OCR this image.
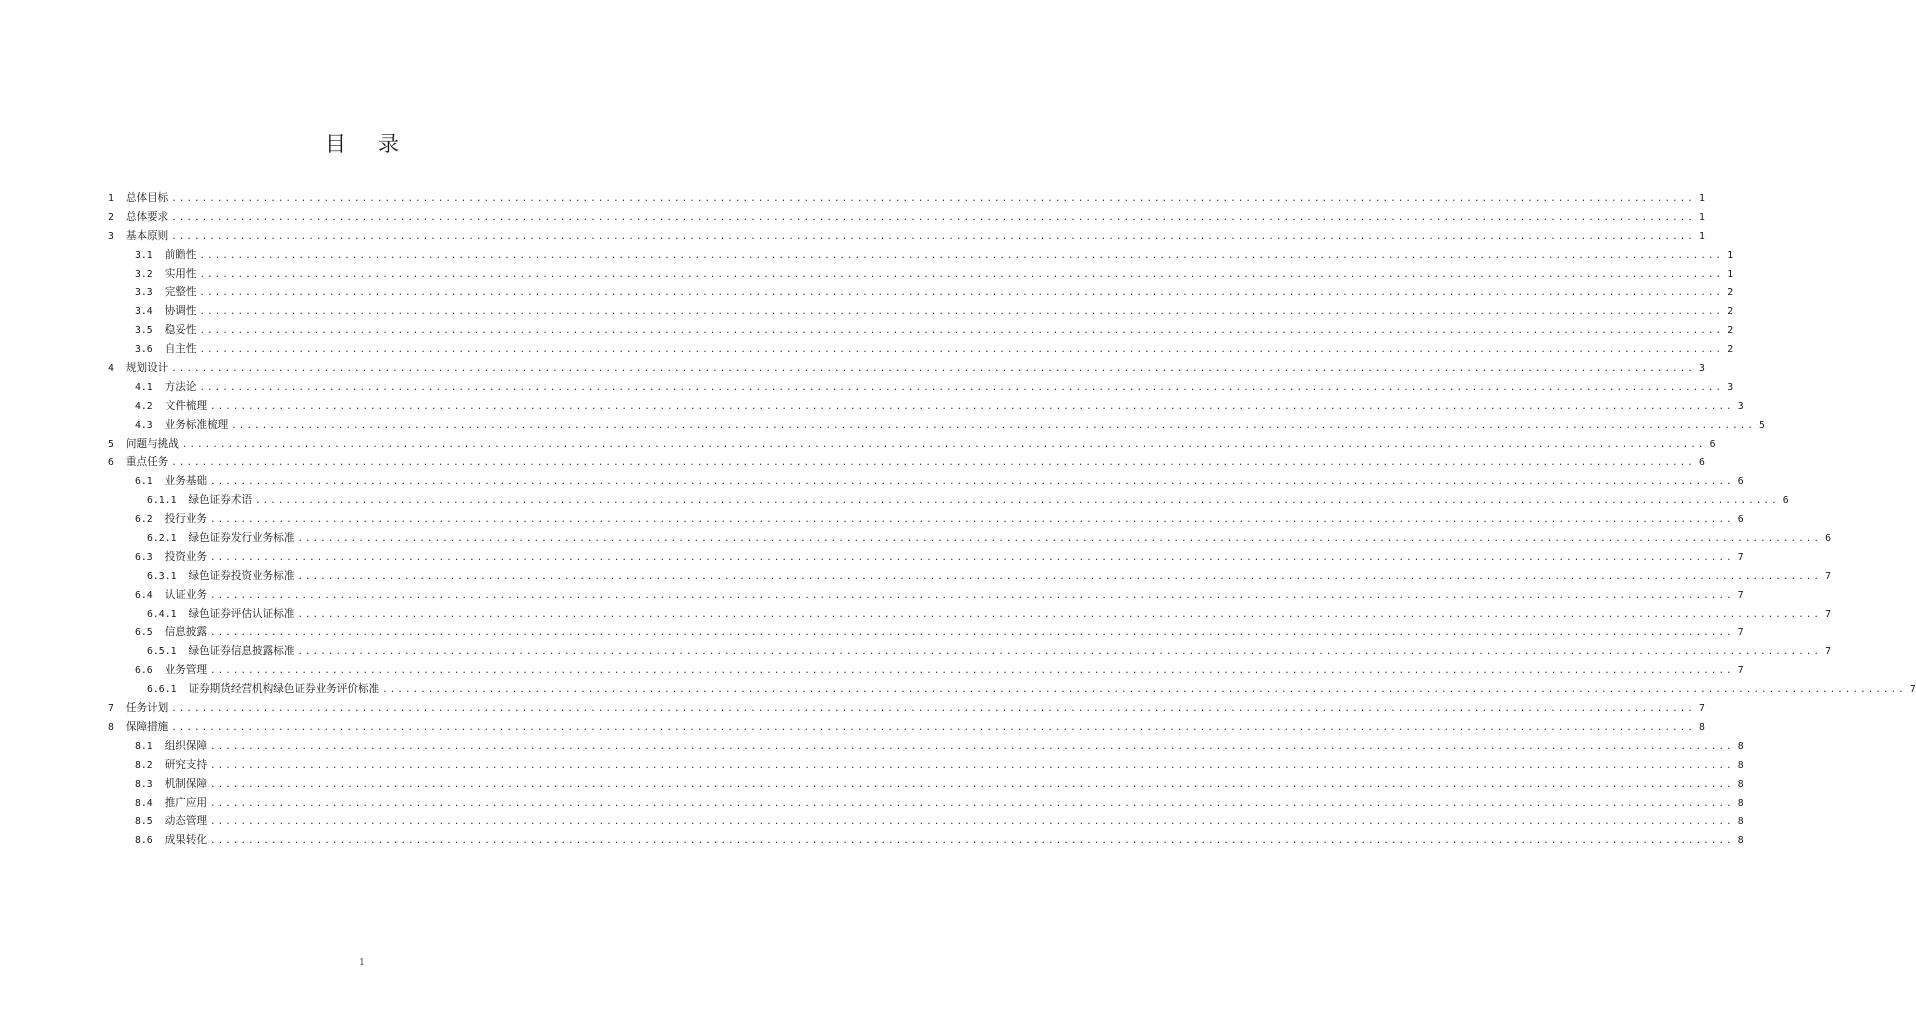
目 录
1 总体目标 ........................................................................................................................................................................................................ 1
2 总体要求 ........................................................................................................................................................................................................ 1
3 基本原则 ........................................................................................................................................................................................................ 1
3.1 前瞻性 ........................................................................................................................................................................................................ 1
3.2 实用性 ........................................................................................................................................................................................................ 1
3.3 完整性 ........................................................................................................................................................................................................ 2
3.4 协调性 ........................................................................................................................................................................................................ 2
3.5 稳妥性 ........................................................................................................................................................................................................ 2
3.6 自主性 ........................................................................................................................................................................................................ 2
4 规划设计 ........................................................................................................................................................................................................ 3
4.1 方法论 ........................................................................................................................................................................................................ 3
4.2 文件梳理 ........................................................................................................................................................................................................ 3
4.3 业务标准梳理 ........................................................................................................................................................................................................ 5
5 问题与挑战 ........................................................................................................................................................................................................ 6
6 重点任务 ........................................................................................................................................................................................................ 6
6.1 业务基础 ........................................................................................................................................................................................................ 6
6.1.1 绿色证券术语 ........................................................................................................................................................................................................ 6
6.2 投行业务 ........................................................................................................................................................................................................ 6
6.2.1 绿色证券发行业务标准 ........................................................................................................................................................................................................ 6
6.3 投资业务 ........................................................................................................................................................................................................ 7
6.3.1 绿色证券投资业务标准 ........................................................................................................................................................................................................ 7
6.4 认证业务 ........................................................................................................................................................................................................ 7
6.4.1 绿色证券评估认证标准 ........................................................................................................................................................................................................ 7
6.5 信息披露 ........................................................................................................................................................................................................ 7
6.5.1 绿色证券信息披露标准 ........................................................................................................................................................................................................ 7
6.6 业务管理 ........................................................................................................................................................................................................ 7
6.6.1 证券期货经营机构绿色证券业务评价标准 ........................................................................................................................................................................................................ 7
7 任务计划 ........................................................................................................................................................................................................ 7
8 保障措施 ........................................................................................................................................................................................................ 8
8.1 组织保障 ........................................................................................................................................................................................................ 8
8.2 研究支持 ........................................................................................................................................................................................................ 8
8.3 机制保障 ........................................................................................................................................................................................................ 8
8.4 推广应用 ........................................................................................................................................................................................................ 8
8.5 动态管理 ........................................................................................................................................................................................................ 8
8.6 成果转化 ........................................................................................................................................................................................................ 8
1
